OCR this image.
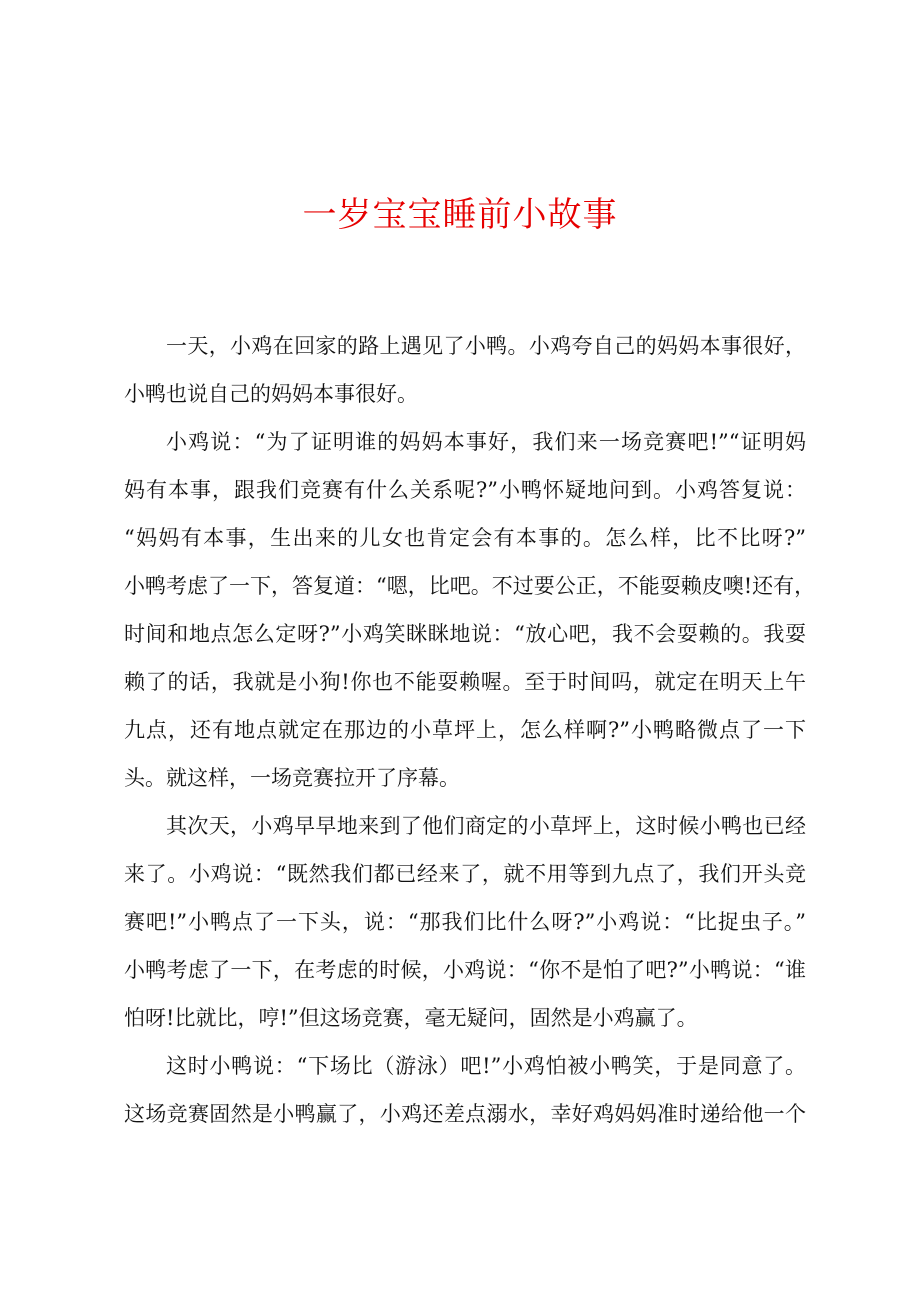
一岁宝宝睡前小故事
一天，小鸡在回家的路上遇见了小鸭。小鸡夸自己的妈妈本事很好，
小鸭也说自己的妈妈本事很好。
小鸡说：“为了证明谁的妈妈本事好，我们来一场竞赛吧!”“证明妈
妈有本事，跟我们竞赛有什么关系呢?”小鸭怀疑地问到。小鸡答复说：
“妈妈有本事，生出来的儿女也肯定会有本事的。怎么样，比不比呀?”
小鸭考虑了一下，答复道：“嗯，比吧。不过要公正，不能耍赖皮噢!还有，
时间和地点怎么定呀?”小鸡笑眯眯地说：“放心吧，我不会耍赖的。我耍
赖了的话，我就是小狗!你也不能耍赖喔。至于时间吗，就定在明天上午
九点，还有地点就定在那边的小草坪上，怎么样啊?”小鸭略微点了一下
头。就这样，一场竞赛拉开了序幕。
其次天，小鸡早早地来到了他们商定的小草坪上，这时候小鸭也已经
来了。小鸡说：“既然我们都已经来了，就不用等到九点了，我们开头竞
赛吧!”小鸭点了一下头，说：“那我们比什么呀?”小鸡说：“比捉虫子。”
小鸭考虑了一下，在考虑的时候，小鸡说：“你不是怕了吧?”小鸭说：“谁
怕呀!比就比，哼!”但这场竞赛，毫无疑问，固然是小鸡赢了。
这时小鸭说：“下场比（游泳）吧!”小鸡怕被小鸭笑，于是同意了。
这场竞赛固然是小鸭赢了，小鸡还差点溺水，幸好鸡妈妈准时递给他一个
